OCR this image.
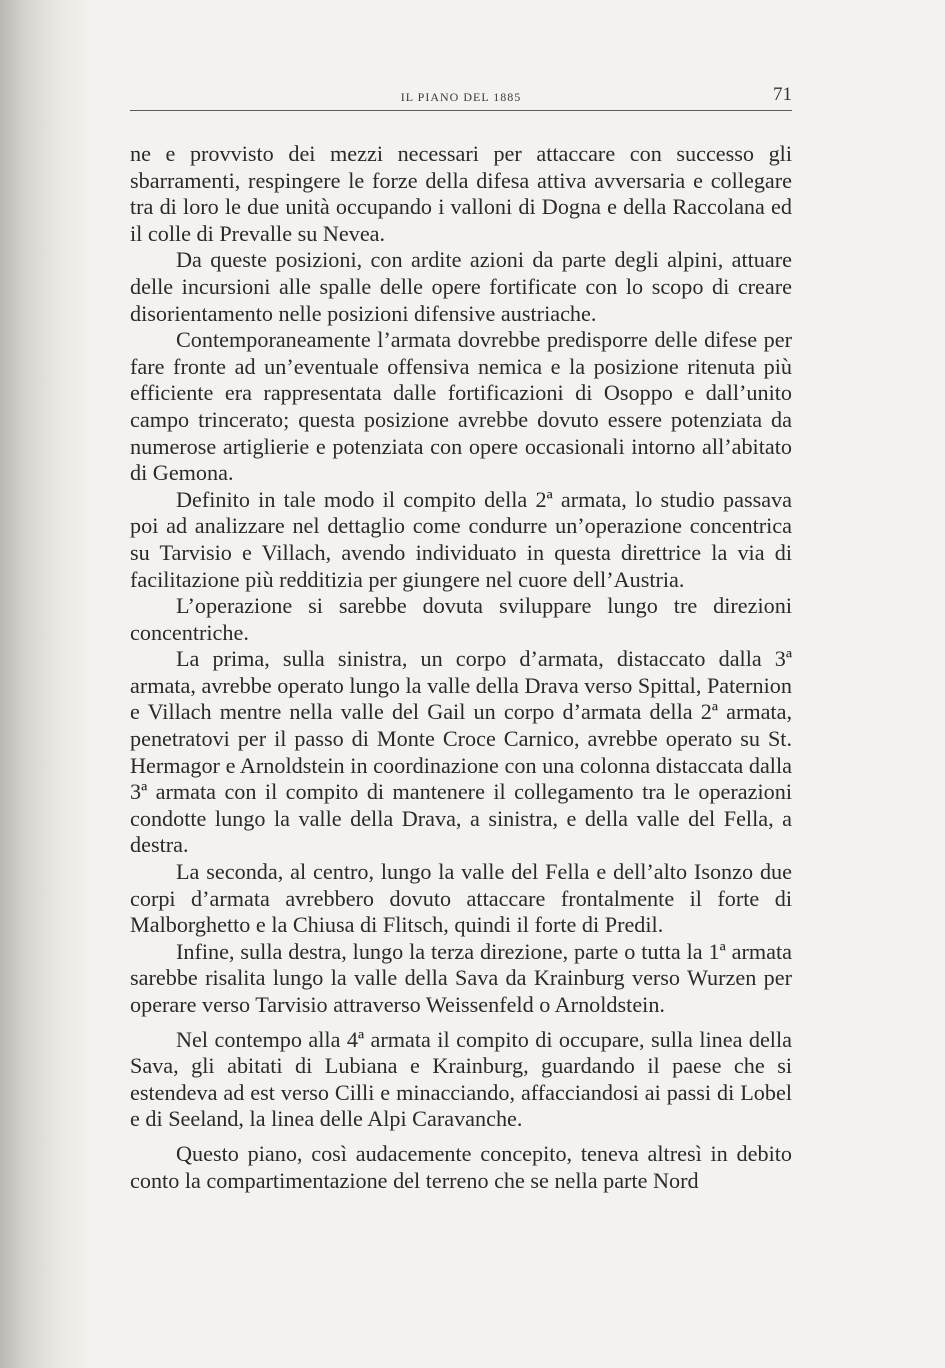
IL PIANO DEL 1885	71

ne e provvisto dei mezzi necessari per attaccare con successo gli sbarramenti, respingere le forze della difesa attiva avversaria e collegare tra di loro le due unità occupando i valloni di Dogna e della Raccolana ed il colle di Prevalle su Nevea.

Da queste posizioni, con ardite azioni da parte degli alpini, attuare delle incursioni alle spalle delle opere fortificate con lo scopo di creare disorientamento nelle posizioni difensive austriache.

Contemporaneamente l’armata dovrebbe predisporre delle difese per fare fronte ad un’eventuale offensiva nemica e la posizione ritenuta più efficiente era rappresentata dalle fortificazioni di Osoppo e dall’unito campo trincerato; questa posizione avrebbe dovuto essere potenziata da numerose artiglierie e potenziata con opere occasionali intorno all’abitato di Gemona.

Definito in tale modo il compito della 2ª armata, lo studio passava poi ad analizzare nel dettaglio come condurre un’operazione concentrica su Tarvisio e Villach, avendo individuato in questa direttrice la via di facilitazione più redditizia per giungere nel cuore dell’Austria.

L’operazione si sarebbe dovuta sviluppare lungo tre direzioni concentriche.

La prima, sulla sinistra, un corpo d’armata, distaccato dalla 3ª armata, avrebbe operato lungo la valle della Drava verso Spittal, Paternion e Villach mentre nella valle del Gail un corpo d’armata della 2ª armata, penetratovi per il passo di Monte Croce Carnico, avrebbe operato su St. Hermagor e Arnoldstein in coordinazione con una colonna distaccata dalla 3ª armata con il compito di mantenere il collegamento tra le operazioni condotte lungo la valle della Drava, a sinistra, e della valle del Fella, a destra.

La seconda, al centro, lungo la valle del Fella e dell’alto Isonzo due corpi d’armata avrebbero dovuto attaccare frontalmente il forte di Malborghetto e la Chiusa di Flitsch, quindi il forte di Predil.

Infine, sulla destra, lungo la terza direzione, parte o tutta la 1ª armata sarebbe risalita lungo la valle della Sava da Krainburg verso Wurzen per operare verso Tarvisio attraverso Weissenfeld o Arnoldstein.

Nel contempo alla 4ª armata il compito di occupare, sulla linea della Sava, gli abitati di Lubiana e Krainburg, guardando il paese che si estendeva ad est verso Cilli e minacciando, affacciandosi ai passi di Lobel e di Seeland, la linea delle Alpi Caravanche.

Questo piano, così audacemente concepito, teneva altresì in debito conto la compartimentazione del terreno che se nella parte Nord
